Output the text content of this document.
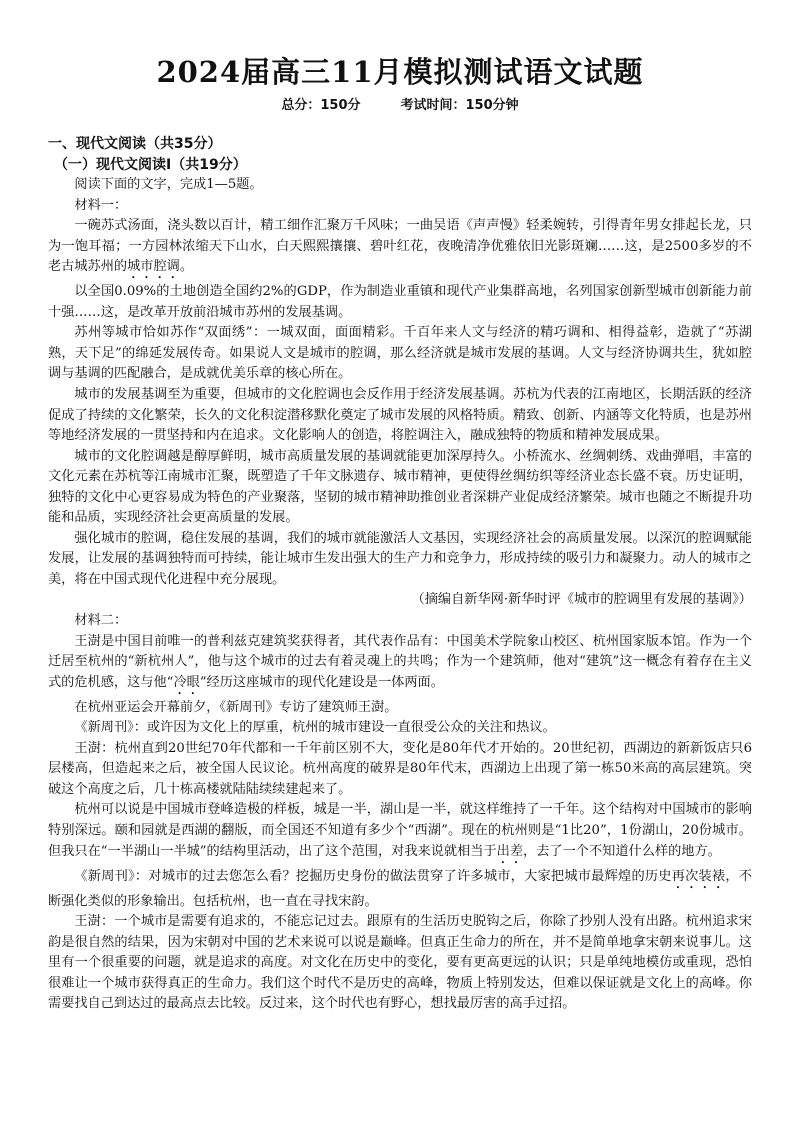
2024届高三11月模拟测试语文试题
总分：150分	考试时间：150分钟
一、现代文阅读（共35分）
（一）现代文阅读Ⅰ（共19分）

阅读下面的文字，完成1—5题。

材料一：

一碗苏式汤面，浇头数以百计，精工细作汇聚万千风味；一曲吴语《声声慢》轻柔婉转，引得青年男女排起长龙，只为一饱耳福；一方园林浓缩天下山水，白天熙熙攘攘、碧叶红花，夜晚清净优雅依旧光影斑斓……这，是2500多岁的不老古城苏州的城市腔调。

以全国0.09%的土地创造全国约2%的GDP，作为制造业重镇和现代产业集群高地，名列国家创新型城市创新能力前十强……这，是改革开放前沿城市苏州的发展基调。

苏州等城市恰如苏作“双面绣”：一城双面，面面精彩。千百年来人文与经济的精巧调和、相得益彰，造就了“苏湖熟，天下足”的绵延发展传奇。如果说人文是城市的腔调，那么经济就是城市发展的基调。人文与经济协调共生，犹如腔调与基调的匹配融合，是成就优美乐章的核心所在。

城市的发展基调至为重要，但城市的文化腔调也会反作用于经济发展基调。苏杭为代表的江南地区，长期活跃的经济促成了持续的文化繁荣，长久的文化积淀潜移默化奠定了城市发展的风格特质。精致、创新、内涵等文化特质，也是苏州等地经济发展的一贯坚持和内在追求。文化影响人的创造，将腔调注入，融成独特的物质和精神发展成果。

城市的文化腔调越是醇厚鲜明，城市高质量发展的基调就能更加深厚持久。小桥流水、丝绸刺绣、戏曲弹唱，丰富的文化元素在苏杭等江南城市汇聚，既塑造了千年文脉遗存、城市精神，更使得丝绸纺织等经济业态长盛不衰。历史证明，独特的文化中心更容易成为特色的产业聚落，坚韧的城市精神助推创业者深耕产业促成经济繁荣。城市也随之不断提升功能和品质，实现经济社会更高质量的发展。

强化城市的腔调，稳住发展的基调，我们的城市就能激活人文基因，实现经济社会的高质量发展。以深沉的腔调赋能发展，让发展的基调独特而可持续，能让城市生发出强大的生产力和竞争力，形成持续的吸引力和凝聚力。动人的城市之美，将在中国式现代化进程中充分展现。

（摘编自新华网·新华时评《城市的腔调里有发展的基调》）

材料二：

王澍是中国目前唯一的普利兹克建筑奖获得者，其代表作品有：中国美术学院象山校区、杭州国家版本馆。作为一个迁居至杭州的“新杭州人”，他与这个城市的过去有着灵魂上的共鸣；作为一个建筑师，他对“建筑”这一概念有着存在主义式的危机感，这与他“冷眼”经历这座城市的现代化建设是一体两面。

在杭州亚运会开幕前夕，《新周刊》专访了建筑师王澍。

《新周刊》：或许因为文化上的厚重，杭州的城市建设一直很受公众的关注和热议。

王澍：杭州直到20世纪70年代都和一千年前区别不大，变化是80年代才开始的。20世纪初，西湖边的新新饭店只6层楼高，但造起来之后，被全国人民议论。杭州高度的破界是80年代末，西湖边上出现了第一栋50米高的高层建筑。突破这个高度之后，几十栋高楼就陆陆续续建起来了。

杭州可以说是中国城市登峰造极的样板，城是一半，湖山是一半，就这样维持了一千年。这个结构对中国城市的影响特别深远。颐和园就是西湖的翻版，而全国还不知道有多少个“西湖”。现在的杭州则是“1比20”，1份湖山，20份城市。但我只在“一半湖山一半城”的结构里活动，出了这个范围，对我来说就相当于出差，去了一个不知道什么样的地方。

《新周刊》：对城市的过去您怎么看？挖掘历史身份的做法贯穿了许多城市，大家把城市最辉煌的历史再次装裱，不断强化类似的形象输出。包括杭州，也一直在寻找宋韵。

王澍：一个城市是需要有追求的，不能忘记过去。跟原有的生活历史脱钩之后，你除了抄别人没有出路。杭州追求宋韵是很自然的结果，因为宋朝对中国的艺术来说可以说是巅峰。但真正生命力的所在，并不是简单地拿宋朝来说事儿。这里有一个很重要的问题，就是追求的高度。对文化在历史中的变化，要有更高更远的认识；只是单纯地模仿或重现，恐怕很难让一个城市获得真正的生命力。我们这个时代不是历史的高峰，物质上特别发达，但难以保证就是文化上的高峰。你需要找自己到达过的最高点去比较。反过来，这个时代也有野心，想找最厉害的高手过招。
